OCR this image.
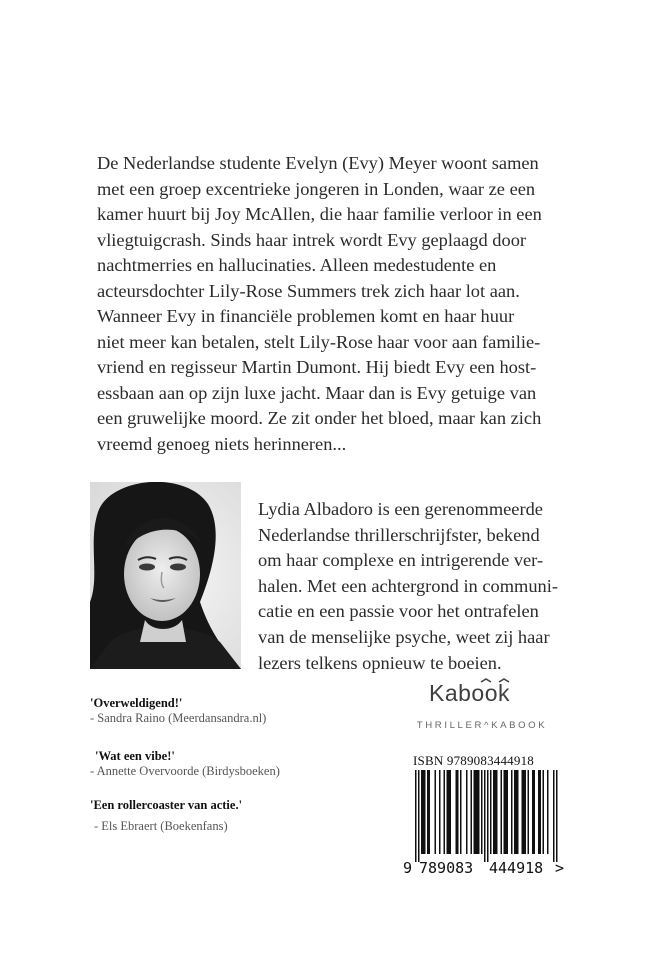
De Nederlandse studente Evelyn (Evy) Meyer woont samen
met een groep excentrieke jongeren in Londen, waar ze een
kamer huurt bij Joy McAllen, die haar familie verloor in een
vliegtuigcrash. Sinds haar intrek wordt Evy geplaagd door
nachtmerries en hallucinaties. Alleen medestudente en
acteursdochter Lily-Rose Summers trek zich haar lot aan.
Wanneer Evy in financiële problemen komt en haar huur
niet meer kan betalen, stelt Lily-Rose haar voor aan familie-
vriend en regisseur Martin Dumont. Hij biedt Evy een host-
essbaan aan op zijn luxe jacht. Maar dan is Evy getuige van
een gruwelijke moord. Ze zit onder het bloed, maar kan zich
vreemd genoeg niets herinneren...
Lydia Albadoro is een gerenommeerde
Nederlandse thrillerschrijfster, bekend
om haar complexe en intrigerende ver-
halen. Met een achtergrond in communi-
catie en een passie voor het ontrafelen
van de menselijke psyche, weet zij haar
lezers telkens opnieuw te boeien.
'Overweldigend!'
- Sandra Raino (Meerdansandra.nl)
'Wat een vibe!'
- Annette Overvoorde (Birdysboeken)
'Een rollercoaster van actie.'
- Els Ebraert (Boekenfans)
Kabook
THRILLER^KABOOK
ISBN 9789083444918
9 789083 444918 >
